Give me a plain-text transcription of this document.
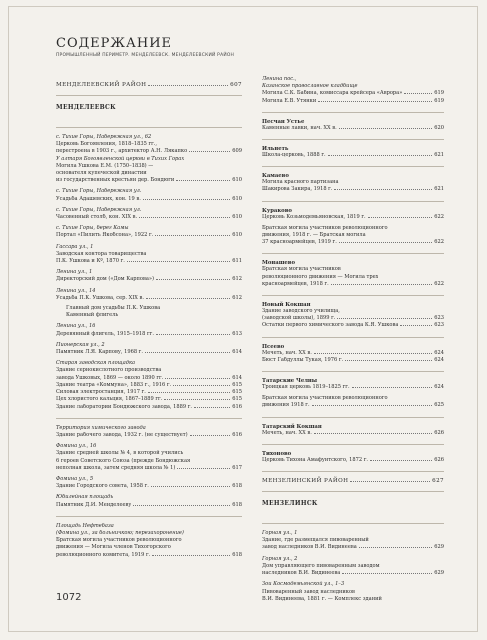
СОДЕРЖАНИЕ
ПРОМЫШЛЕННЫЙ ПЕРИМЕТР. МЕНДЕЛЕЕВСК. МЕНДЕЛЕЕВСКИЙ РАЙОН
МЕНДЕЛЕЕВСКИЙ РАЙОН	607
МЕНДЕЛЕЕВСК
с. Тихие Горы, Набережная ул., 62
Церковь Богоявления, 1818–1835 гг.,
перестроена в 1903 г., архитектор А.Н. Лякапко	609
У алтаря Богоявленской церкви в Тихих Горах
Могила Ушкова Е.М. (1750–1838) —
основателя купеческой династии
из государственных крестьян дер. Бондюги	610
с. Тихие Горы, Набережная ул.
Усадьба Адашевских, кон. 19 в.	610
с. Тихие Горы, Набережная ул.
Часовенный столб, кон. XIX в.	610
с. Тихие Горы, берег Камы
Портал «Пилить Якобсона», 1922 г.	610
Гассара ул., 1
Заводская контора товарищества
П.К. Ушкова и Кº, 1870 г.	611
Ленина ул., 1
Директорский дом («Дом Карпова»)	612
Ленина ул., 14
Усадьба П.К. Ушкова, сер. XIX в.	612
Главный дом усадьбы П.К. Ушкова
Каменный флигель
Ленина ул., 16
Деревянный флигель, 1915–1918 гг.	613
Пионерская ул., 2
Памятник Л.Я. Карпову, 1968 г.	614
Старая заводская площадка
Здание сернокислотного производства
завода Ушковых, 1869 — около 1890 гг.	614
Здание театра «Коммуна», 1883 г., 1916 г.	615
Силовая электростанция, 1917 г.	615
Цех хлористого кальция, 1867–1889 гг.	615
Здание лаборатории Бондюжского завода, 1889 г.	616
Территория химического завода
Здание рабочего завода, 1932 г. (не существует)	616
Фомина ул., 16
Здание средней школы № 4, в которой учились
6 героев Советского Союза (прежде Бондюжская
неполная школа, затем средняя школа № 1)	617
Фомина ул., 5
Здание Городского совета, 1958 г.	618
Юбилейная площадь
Памятник Д.И. Менделееву	618
Площадь Нефтебаза
(Фомина ул., за больничкою; перезахоронение)
Братская могила участников революционного
движения — Могила членов Тихогорского
революционного комитета, 1919 г.	618
Ленина пос.,
Казанское православное кладбище
Могила С.К. Бабина, комиссара крейсера «Аврора»	619
Могила Е.В. Утянки	619
Песчан Устье
Каменные лавки, нач. XX в.	620
Ильнеть
Школа-церковь, 1888 г.	621
Камаево
Могила красного партизана
Шакирова Закира, 1918 г.	621
Кураково
Церковь Козьмодемьяновская, 1819 г.	622
Братская могила участников революционного
движения, 1918 г. — Братская могила
37 красноармейцев, 1919 г.	622
Монашево
Братская могила участников
революционного движения — Могила трех
красноармейцев, 1918 г.	622
Новый Кокшан
Здание заводского училища,
(заводской школы), 1899 г.	623
Остатки первого химического завода К.Я. Ушкова	623
Псеево
Мечеть, нач. XX в.	624
Бюст Габдуллы Тукая, 1976 г.	624
Татарские Челны
Троицкая церковь 1819–1825 гг.	624
Братская могила участников революционного
движения 1918 г.	625
Татарский Кокшан
Мечеть, нач. XX в.	626
Тихоново
Церковь Тихона Амафунтского, 1872 г.	626
МЕНЗЕЛИНСКИЙ РАЙОН	627
МЕНЗЕЛИНСК
Горная ул., 1
Здание, где размещался пивоваренный
завод наследников В.И. Видинеева	629
Горная ул., 2
Дом управляющего пивоваренным заводом
наследников В.И. Видинеева	629
Зои Космодемьянской ул., 1–3
Пивоваренный завод наследников
В.И. Видинеева, 1881 г. — Комплекс зданий
1072
